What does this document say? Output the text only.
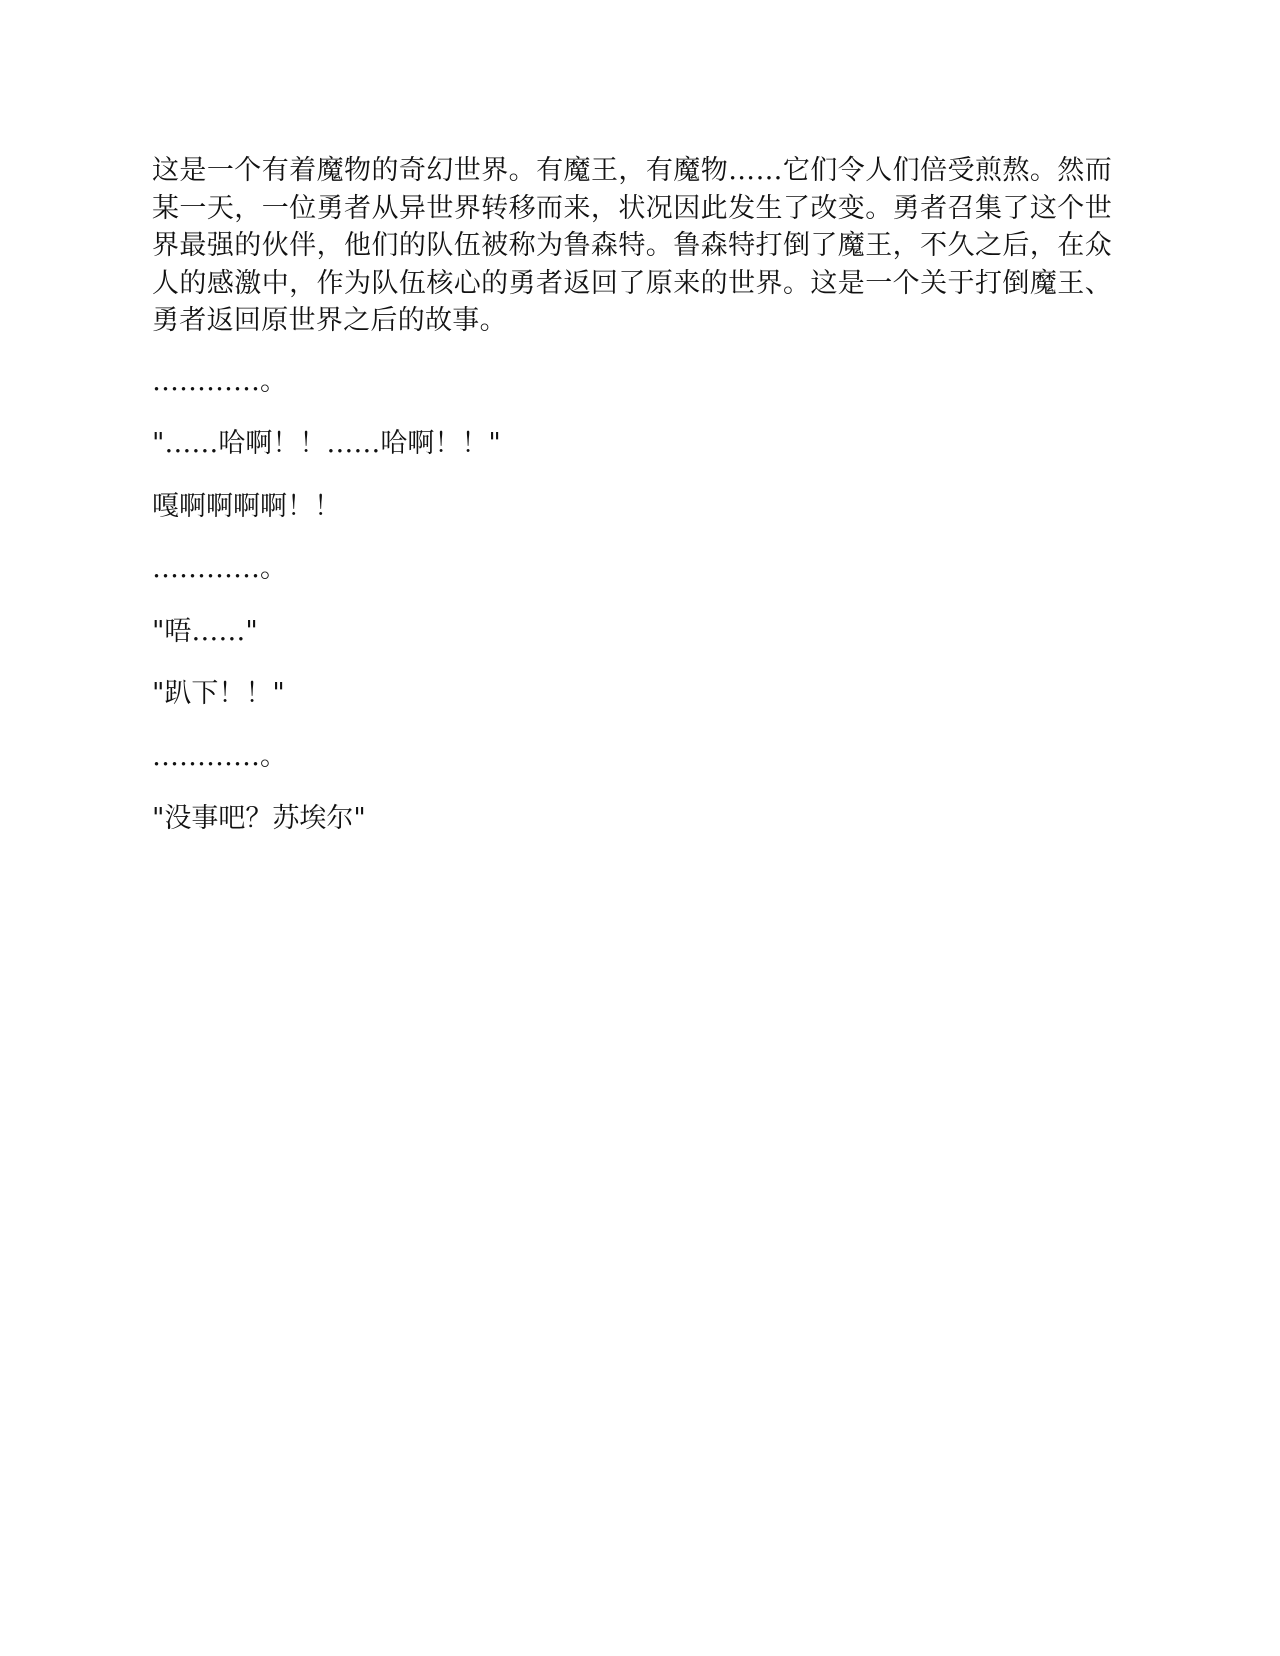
这是一个有着魔物的奇幻世界。有魔王，有魔物……它们令人们倍受煎熬。然而某一天，一位勇者从异世界转移而来，状况因此发生了改变。勇者召集了这个世界最强的伙伴，他们的队伍被称为鲁森特。鲁森特打倒了魔王，不久之后，在众人的感激中，作为队伍核心的勇者返回了原来的世界。这是一个关于打倒魔王、勇者返回原世界之后的故事。

…………。

"……哈啊！！……哈啊！！"

嘎啊啊啊啊！！

…………。

"唔……"

"趴下！！"

…………。

"没事吧？苏埃尔"
